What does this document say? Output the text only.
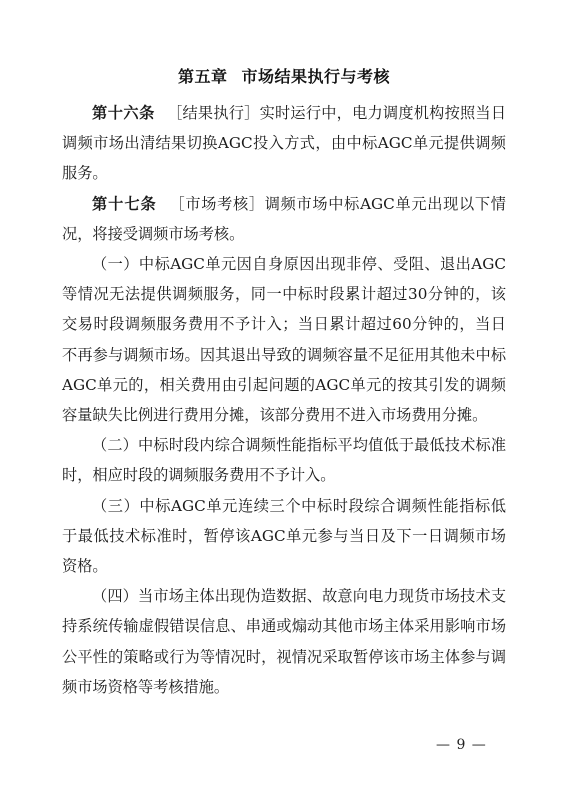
第五章 市场结果执行与考核

第十六条 ［结果执行］实时运行中，电力调度机构按照当日调频市场出清结果切换AGC投入方式，由中标AGC单元提供调频服务。

第十七条 ［市场考核］调频市场中标AGC单元出现以下情况，将接受调频市场考核。

（一）中标AGC单元因自身原因出现非停、受阻、退出AGC等情况无法提供调频服务，同一中标时段累计超过30分钟的，该交易时段调频服务费用不予计入；当日累计超过60分钟的，当日不再参与调频市场。因其退出导致的调频容量不足征用其他未中标AGC单元的，相关费用由引起问题的AGC单元的按其引发的调频容量缺失比例进行费用分摊，该部分费用不进入市场费用分摊。

（二）中标时段内综合调频性能指标平均值低于最低技术标准时，相应时段的调频服务费用不予计入。

（三）中标AGC单元连续三个中标时段综合调频性能指标低于最低技术标准时，暂停该AGC单元参与当日及下一日调频市场资格。

（四）当市场主体出现伪造数据、故意向电力现货市场技术支持系统传输虚假错误信息、串通或煽动其他市场主体采用影响市场公平性的策略或行为等情况时，视情况采取暂停该市场主体参与调频市场资格等考核措施。

— 9 —
